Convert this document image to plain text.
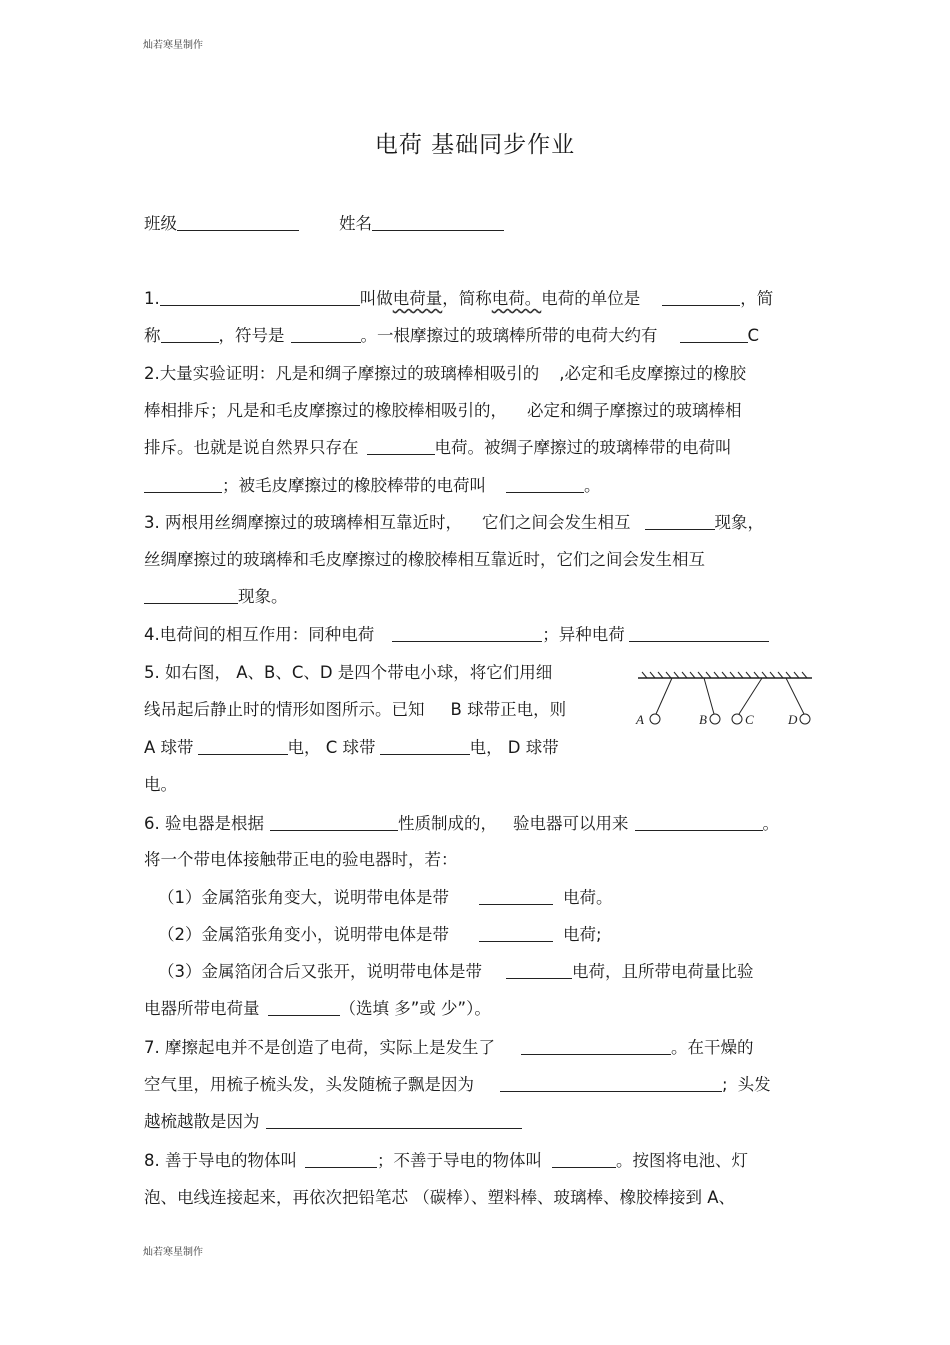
灿若寒星制作
电荷 基础同步作业
班级	姓名
1.	叫做电荷量，简称电荷。电荷的单位是	，简
称	，符号是	。一根摩擦过的玻璃棒所带的电荷大约有	C
2.大量实验证明：凡是和绸子摩擦过的玻璃棒相吸引的 ,必定和毛皮摩擦过的橡胶
棒相排斥；凡是和毛皮摩擦过的橡胶棒相吸引的， 必定和绸子摩擦过的玻璃棒相
排斥。也就是说自然界只存在	电荷。被绸子摩擦过的玻璃棒带的电荷叫
；被毛皮摩擦过的橡胶棒带的电荷叫	。
3. 两根用丝绸摩擦过的玻璃棒相互靠近时， 它们之间会发生相互	现象，
丝绸摩擦过的玻璃棒和毛皮摩擦过的橡胶棒相互靠近时，它们之间会发生相互
现象。
4.电荷间的相互作用：同种电荷	；异种电荷
5. 如右图， A、B、C、D 是四个带电小球，将它们用细
线吊起后静止时的情形如图所示。已知 B 球带正电，则
A 球带	电， C 球带	电， D 球带
电。
A	B	C	D
6. 验电器是根据	性质制成的， 验电器可以用来	。
将一个带电体接触带正电的验电器时，若：
（1）金属箔张角变大，说明带电体是带	电荷。
（2）金属箔张角变小，说明带电体是带	电荷;
（3）金属箔闭合后又张开，说明带电体是带	电荷，且所带电荷量比验
电器所带电荷量	（选填 多”或 少”）。
7. 摩擦起电并不是创造了电荷，实际上是发生了	。在干燥的
空气里，用梳子梳头发，头发随梳子飘是因为	; 头发
越梳越散是因为
8. 善于导电的物体叫	；不善于导电的物体叫	。按图将电池、灯
泡、电线连接起来，再依次把铅笔芯 （碳棒）、塑料棒、玻璃棒、橡胶棒接到 A、
灿若寒星制作
